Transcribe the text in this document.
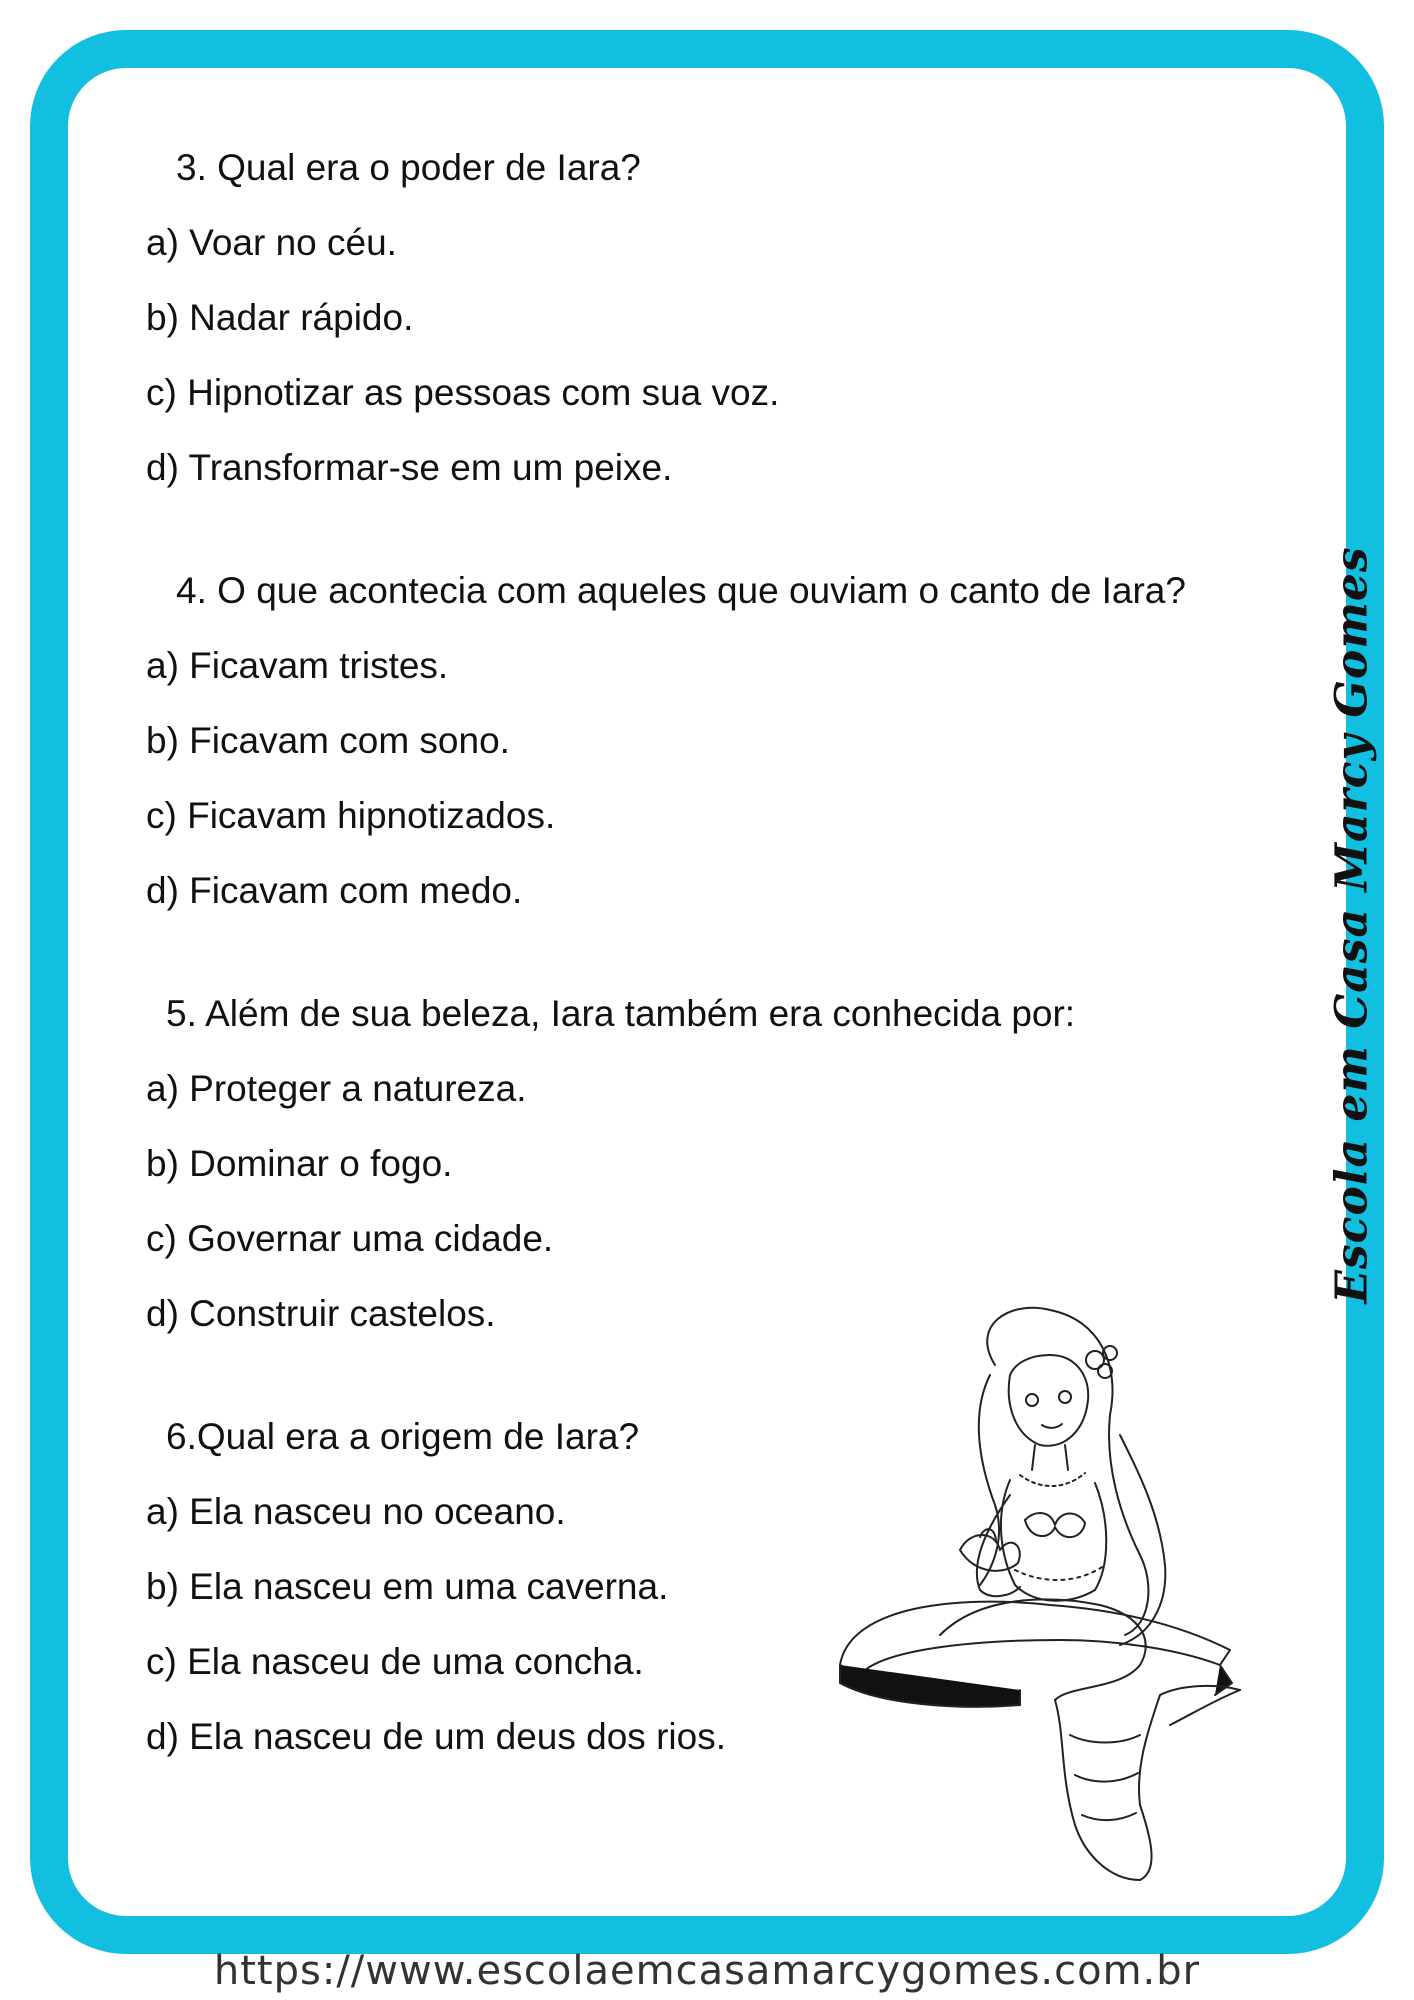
3. Qual era o poder de Iara?

a) Voar no céu.

b) Nadar rápido.

c) Hipnotizar as pessoas com sua voz.

d) Transformar-se em um peixe.

4. O que acontecia com aqueles que ouviam o canto de Iara?

a) Ficavam tristes.

b) Ficavam com sono.

c) Ficavam hipnotizados.

d) Ficavam com medo.

5. Além de sua beleza, Iara também era conhecida por:

a) Proteger a natureza.

b) Dominar o fogo.

c) Governar uma cidade.

d) Construir castelos.

6.Qual era a origem de Iara?

a) Ela nasceu no oceano.

b) Ela nasceu em uma caverna.

c) Ela nasceu de uma concha.

d) Ela nasceu de um deus dos rios.

Escola em Casa Marcy Gomes
https://www.escolaemcasamarcygomes.com.br
